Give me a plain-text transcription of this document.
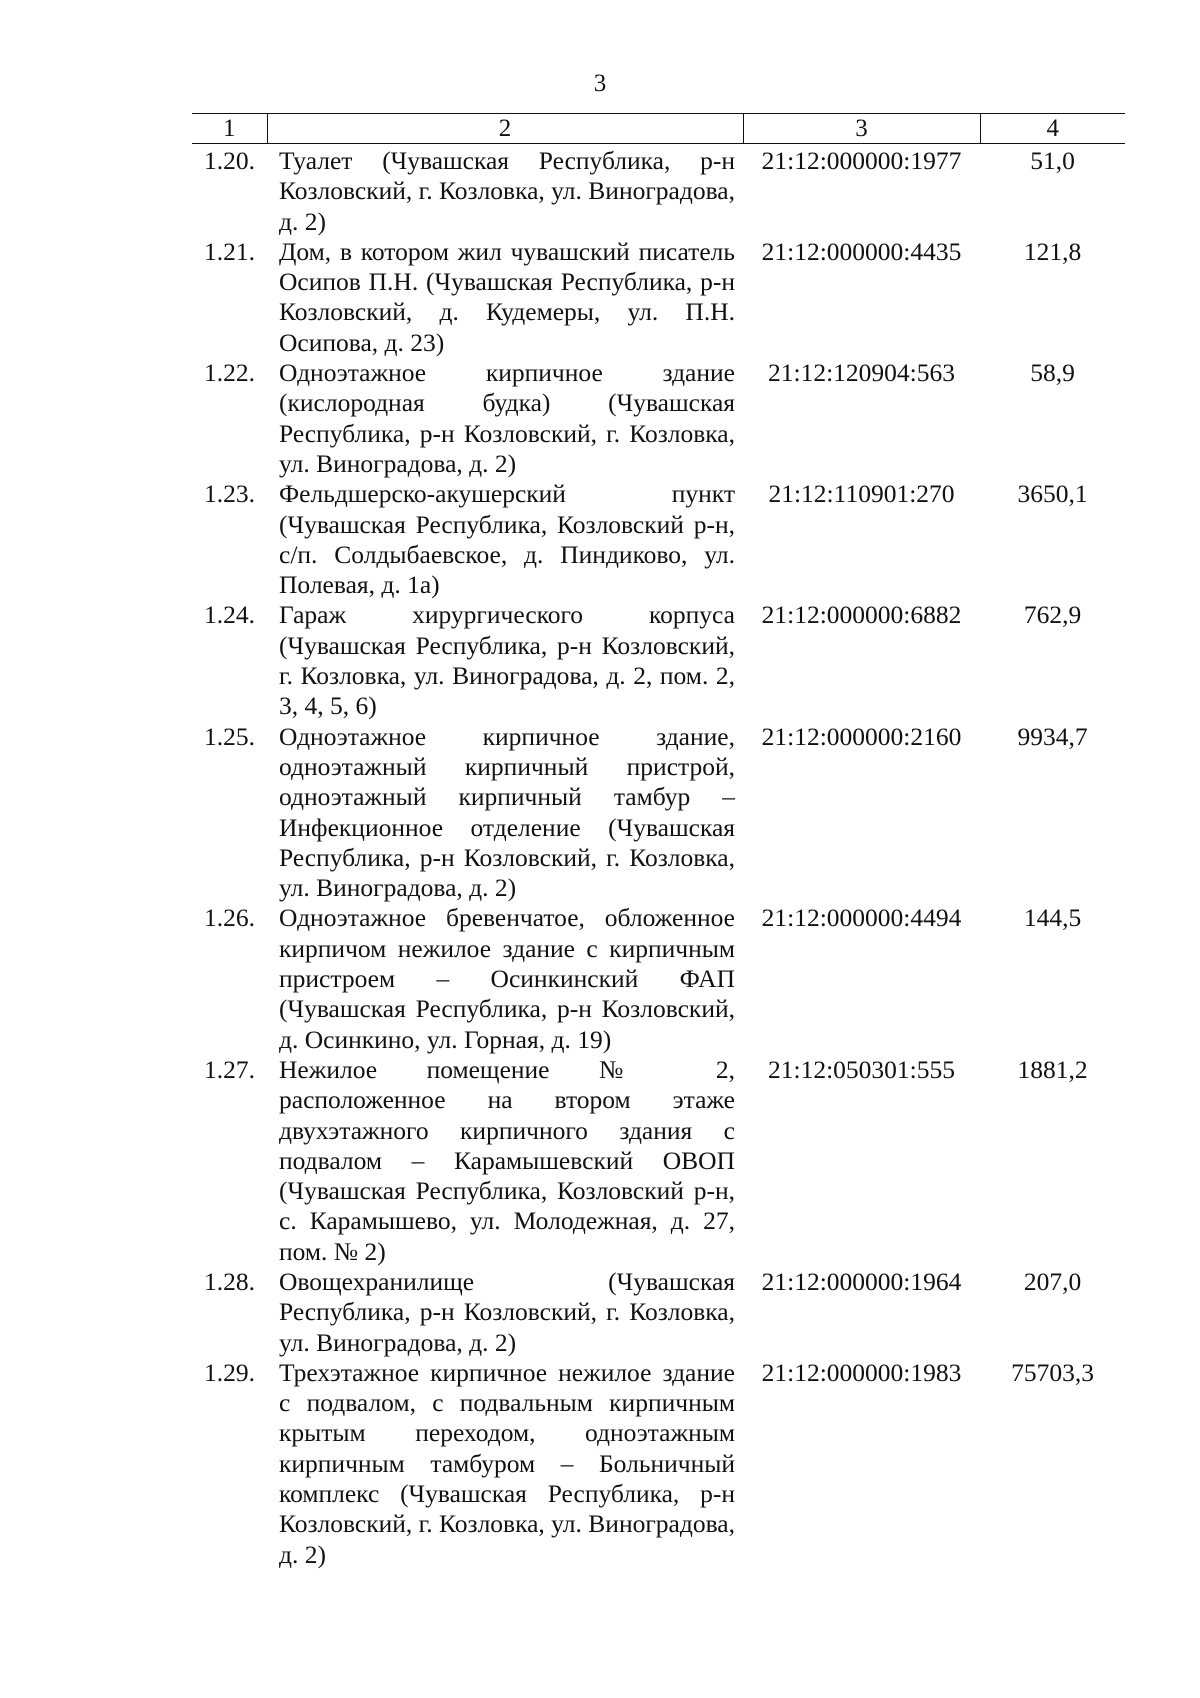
3
1	2	3	4
1.20.	Туалет (Чувашская Республика, р-н Козловский, г. Козловка, ул. Виноградова, д. 2)	21:12:000000:1977	51,0
1.21.	Дом, в котором жил чувашский писатель Осипов П.Н. (Чувашская Республика, р-н Козловский, д. Кудемеры, ул. П.Н. Осипова, д. 23)	21:12:000000:4435	121,8
1.22.	Одноэтажное кирпичное здание (кислородная будка) (Чувашская Республика, р-н Козловский, г. Козловка, ул. Виноградова, д. 2)	21:12:120904:563	58,9
1.23.	Фельдшерско-акушерский пункт (Чувашская Республика, Козловский р-н, с/п. Солдыбаевское, д. Пиндиково, ул. Полевая, д. 1а)	21:12:110901:270	3650,1
1.24.	Гараж хирургического корпуса (Чувашская Республика, р-н Козловский, г. Козловка, ул. Виноградова, д. 2, пом. 2, 3, 4, 5, 6)	21:12:000000:6882	762,9
1.25.	Одноэтажное кирпичное здание, одноэтажный кирпичный пристрой, одноэтажный кирпичный тамбур – Инфекционное отделение (Чувашская Республика, р-н Козловский, г. Козловка, ул. Виноградова, д. 2)	21:12:000000:2160	9934,7
1.26.	Одноэтажное бревенчатое, обложенное кирпичом нежилое здание с кирпичным пристроем – Осинкинский ФАП (Чувашская Республика, р-н Козловский, д. Осинкино, ул. Горная, д. 19)	21:12:000000:4494	144,5
1.27.	Нежилое помещение № 2, расположенное на втором этаже двухэтажного кирпичного здания с подвалом – Карамышевский ОВОП (Чувашская Республика, Козловский р-н, с. Карамышево, ул. Молодежная, д. 27, пом. № 2)	21:12:050301:555	1881,2
1.28.	Овощехранилище (Чувашская Республика, р-н Козловский, г. Козловка, ул. Виноградова, д. 2)	21:12:000000:1964	207,0
1.29.	Трехэтажное кирпичное нежилое здание с подвалом, с подвальным кирпичным крытым переходом, одноэтажным кирпичным тамбуром – Больничный комплекс (Чувашская Республика, р-н Козловский, г. Козловка, ул. Виноградова, д. 2)	21:12:000000:1983	75703,3
